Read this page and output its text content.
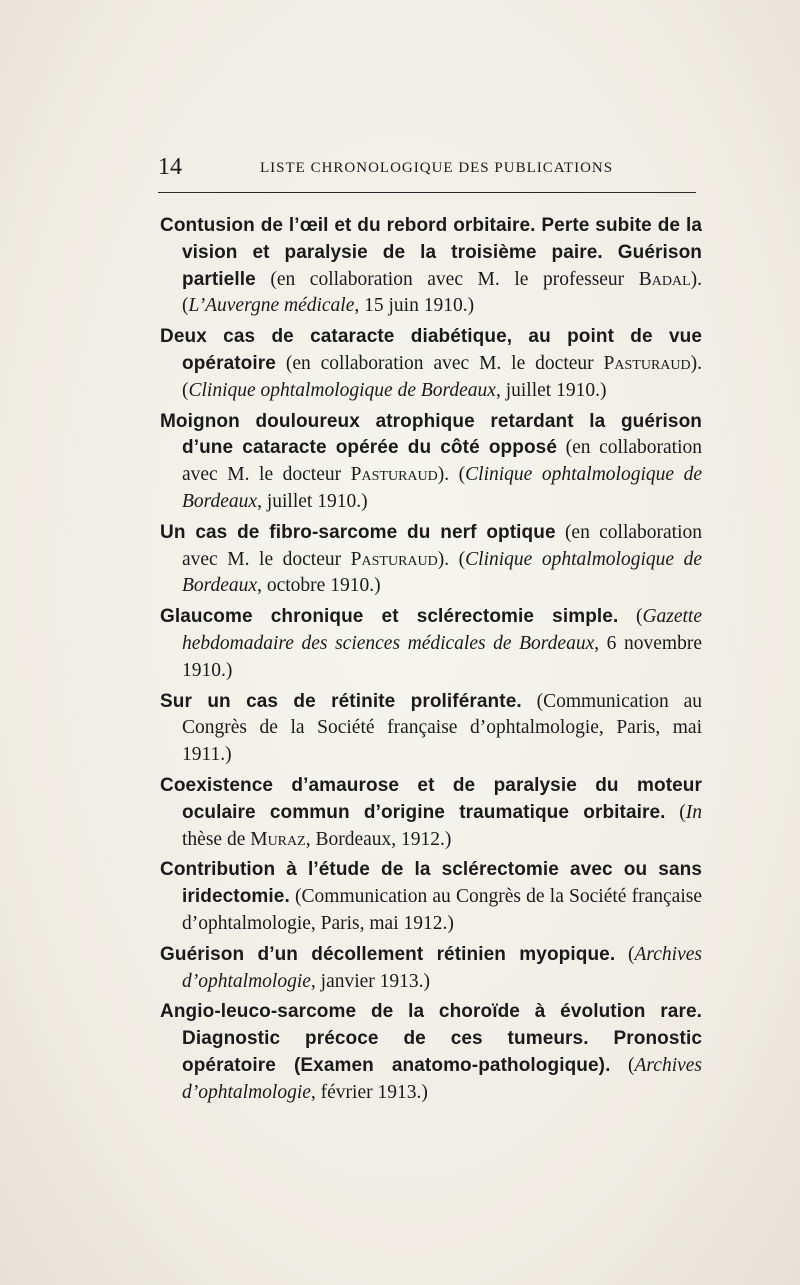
14	LISTE CHRONOLOGIQUE DES PUBLICATIONS

Contusion de l’œil et du rebord orbitaire. Perte subite de la vision et paralysie de la troisième paire. Guérison partielle (en collaboration avec M. le professeur Badal). (L’Auvergne médicale, 15 juin 1910.)

Deux cas de cataracte diabétique, au point de vue opératoire (en collaboration avec M. le docteur Pasturaud). (Clinique ophtalmologique de Bordeaux, juillet 1910.)

Moignon douloureux atrophique retardant la guérison d’une cataracte opérée du côté opposé (en collaboration avec M. le docteur Pasturaud). (Clinique ophtalmologique de Bordeaux, juillet 1910.)

Un cas de fibro-sarcome du nerf optique (en collaboration avec M. le docteur Pasturaud). (Clinique ophtalmologique de Bordeaux, octobre 1910.)

Glaucome chronique et sclérectomie simple. (Gazette hebdomadaire des sciences médicales de Bordeaux, 6 novembre 1910.)

Sur un cas de rétinite proliférante. (Communication au Congrès de la Société française d’ophtalmologie, Paris, mai 1911.)

Coexistence d’amaurose et de paralysie du moteur oculaire commun d’origine traumatique orbitaire. (In thèse de Muraz, Bordeaux, 1912.)

Contribution à l’étude de la sclérectomie avec ou sans iridectomie. (Communication au Congrès de la Société française d’ophtalmologie, Paris, mai 1912.)

Guérison d’un décollement rétinien myopique. (Archives d’ophtalmologie, janvier 1913.)

Angio-leuco-sarcome de la choroïde à évolution rare. Diagnostic précoce de ces tumeurs. Pronostic opératoire (Examen anatomo-pathologique). (Archives d’ophtalmologie, février 1913.)
